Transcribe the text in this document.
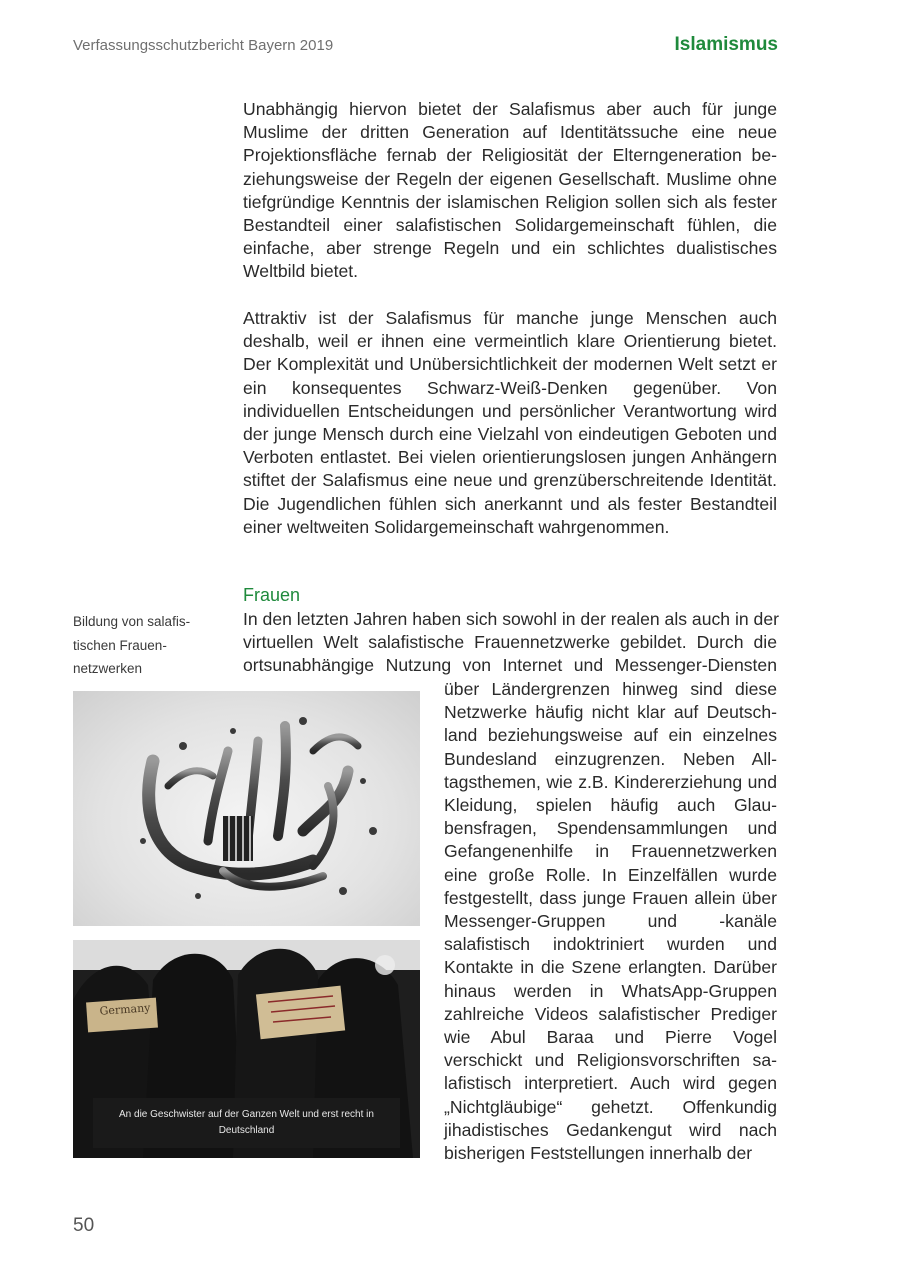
Verfassungsschutzbericht Bayern 2019	Islamismus

Unabhängig hiervon bietet der Salafismus aber auch für junge Muslime der dritten Generation auf Identitätssuche eine neue Projektionsfläche fernab der Religiosität der Elterngeneration beziehungsweise der Regeln der eigenen Gesellschaft. Muslime ohne tiefgründige Kenntnis der islamischen Religion sollen sich als fester Bestandteil einer salafistischen Solidargemeinschaft fühlen, die einfache, aber strenge Regeln und ein schlichtes dualistisches Weltbild bietet.

Attraktiv ist der Salafismus für manche junge Menschen auch deshalb, weil er ihnen eine vermeintlich klare Orientierung bietet. Der Komplexität und Unübersichtlichkeit der modernen Welt setzt er ein konsequentes Schwarz-Weiß-Denken gegenüber. Von individuellen Entscheidungen und persönlicher Verantwortung wird der junge Mensch durch eine Vielzahl von eindeutigen Geboten und Verboten entlastet. Bei vielen orientierungslosen jungen Anhängern stiftet der Salafismus eine neue und grenzüberschreitende Identität. Die Jugendlichen fühlen sich anerkannt und als fester Bestandteil einer weltweiten Solidargemeinschaft wahrgenommen.

Frauen
Bildung von salafistischen Frauennetzwerken

In den letzten Jahren haben sich sowohl in der realen als auch in der
virtuellen Welt salafistische Frauennetzwerke gebildet. Durch die
ortsunabhängige Nutzung von Internet und Messenger-Diensten

über Ländergrenzen hinweg sind diese Netzwerke häufig nicht klar auf Deutschland beziehungsweise auf ein einzelnes Bundesland einzugrenzen. Neben Alltagsthemen, wie z.B. Kindererziehung und Kleidung, spielen häufig auch Glaubensfragen, Spendensammlungen und Gefangenenhilfe in Frauennetzwerken eine große Rolle. In Einzelfällen wurde festgestellt, dass junge Frauen allein über Messenger-Gruppen und -kanäle salafistisch indoktriniert wurden und Kontakte in die Szene erlangten. Darüber hinaus werden in WhatsApp-Gruppen zahlreiche Videos salafistischer Prediger wie Abul Baraa und Pierre Vogel verschickt und Religionsvorschriften salafistisch interpretiert. Auch wird gegen „Nichtgläubige“ gehetzt. Offenkundig jihadistisches Gedankengut wird nach bisherigen Feststellungen innerhalb der

Germany
An die Geschwister auf der Ganzen Welt und erst recht in Deutschland
50
